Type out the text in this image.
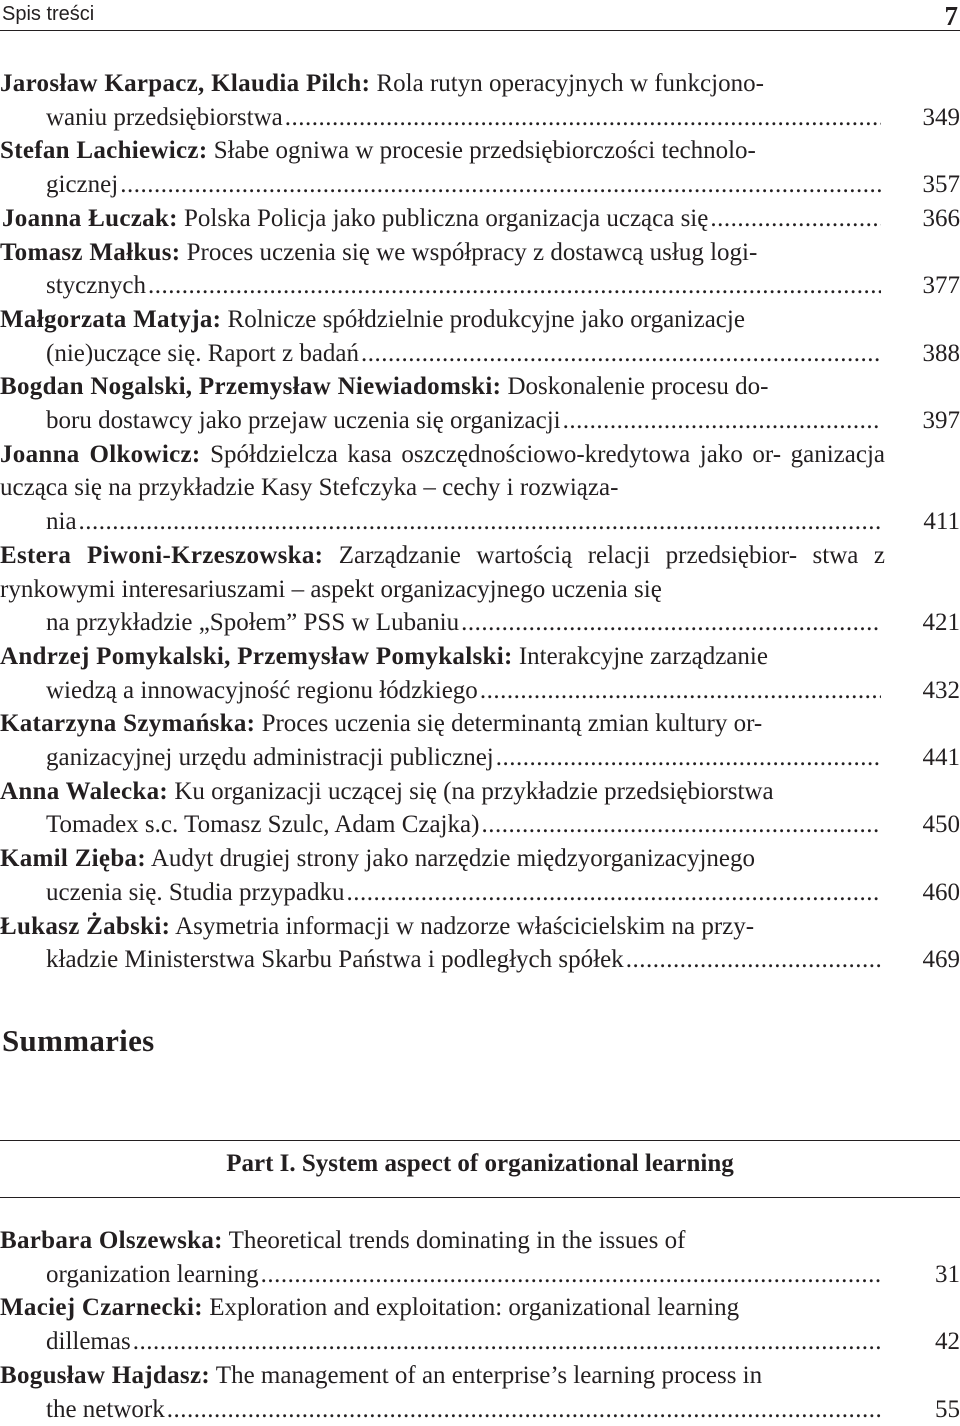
Spis treści	7
Jarosław Karpacz, Klaudia Pilch: Rola rutyn operacyjnych w funkcjono-
waniu przedsiębiorstwa .....	349
Stefan Lachiewicz: Słabe ogniwa w procesie przedsiębiorczości technolo-
gicznej .....	357
Joanna Łuczak: Polska Policja jako publiczna organizacja ucząca się .....	366
Tomasz Małkus: Proces uczenia się we współpracy z dostawcą usług logi-
stycznych .....	377
Małgorzata Matyja: Rolnicze spółdzielnie produkcyjne jako organizacje
(nie)uczące się. Raport z badań .....	388
Bogdan Nogalski, Przemysław Niewiadomski: Doskonalenie procesu do-
boru dostawcy jako przejaw uczenia się organizacji .....	397
Joanna Olkowicz: Spółdzielcza kasa oszczędnościowo-kredytowa jako or- ganizacja ucząca się na przykładzie Kasy Stefczyka – cechy i rozwiąza-
nia .....	411
Estera Piwoni-Krzeszowska: Zarządzanie wartością relacji przedsiębior- stwa z rynkowymi interesariuszami – aspekt organizacyjnego uczenia się
na przykładzie „Społem” PSS w Lubaniu .....	421
Andrzej Pomykalski, Przemysław Pomykalski: Interakcyjne zarządzanie
wiedzą a innowacyjność regionu łódzkiego .....	432
Katarzyna Szymańska: Proces uczenia się determinantą zmian kultury or-
ganizacyjnej urzędu administracji publicznej .....	441
Anna Walecka: Ku organizacji uczącej się (na przykładzie przedsiębiorstwa
Tomadex s.c. Tomasz Szulc, Adam Czajka) .....	450
Kamil Zięba: Audyt drugiej strony jako narzędzie międzyorganizacyjnego
uczenia się. Studia przypadku .....	460
Łukasz Żabski: Asymetria informacji w nadzorze właścicielskim na przy-
kładzie Ministerstwa Skarbu Państwa i podległych spółek .....	469
Summaries
Part I. System aspect of organizational learning
Barbara Olszewska: Theoretical trends dominating in the issues of
organization learning .....	31
Maciej Czarnecki: Exploration and exploitation: organizational learning
dillemas .....	42
Bogusław Hajdasz: The management of an enterprise’s learning process in
the network .....	55
